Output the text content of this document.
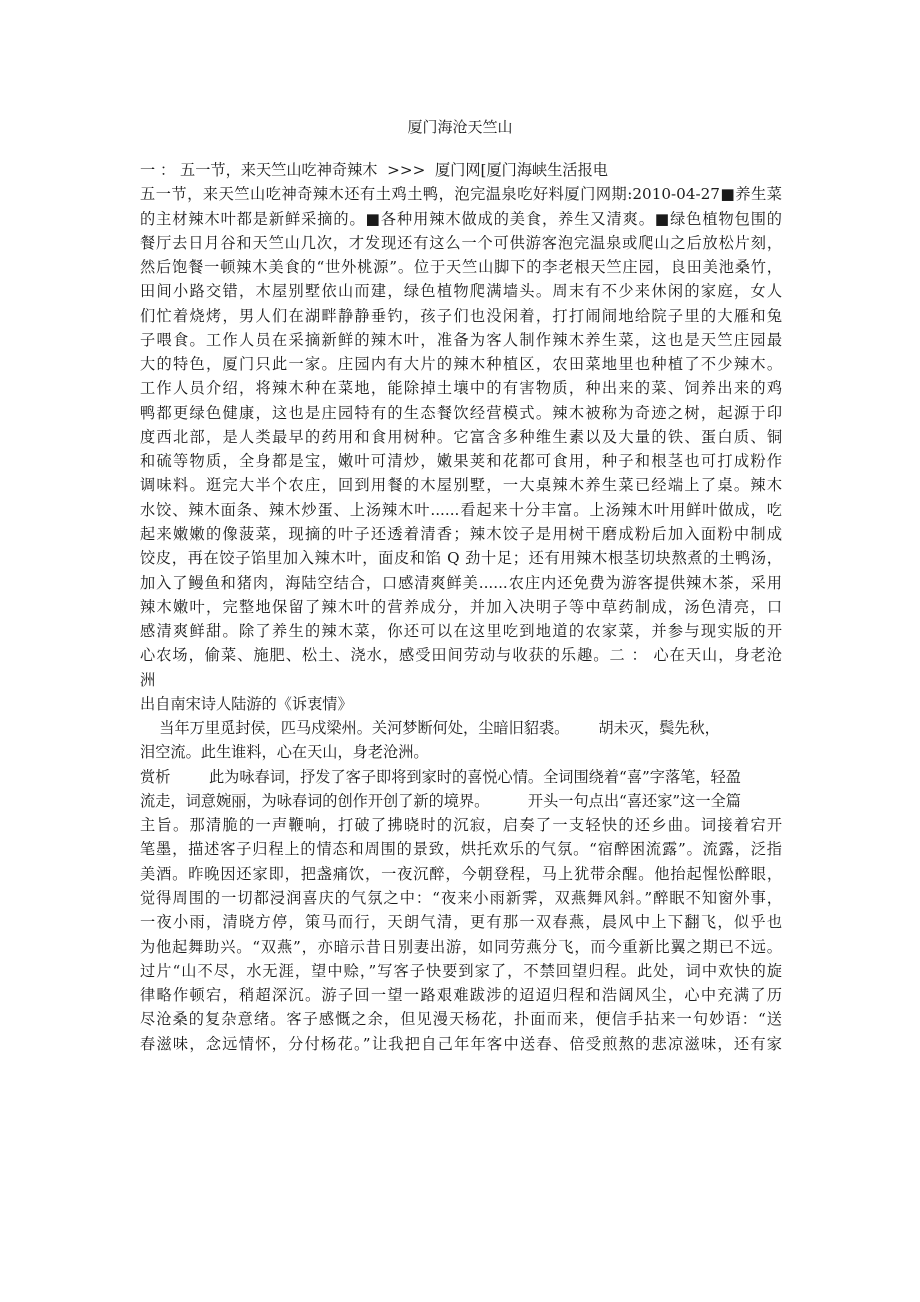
厦门海沧天竺山
一 ： 五一节，来天竺山吃神奇辣木  >>>  厦门网[厦门海峡生活报电
五一节，来天竺山吃神奇辣木还有土鸡土鸭，泡完温泉吃好料厦门网期:2010-04-27■养生菜
的主材辣木叶都是新鲜采摘的。■各种用辣木做成的美食，养生又清爽。■绿色植物包围的
餐厅去日月谷和天竺山几次，才发现还有这么一个可供游客泡完温泉或爬山之后放松片刻，
然后饱餐一顿辣木美食的“世外桃源”。位于天竺山脚下的李老根天竺庄园，良田美池桑竹，
田间小路交错，木屋别墅依山而建，绿色植物爬满墙头。周末有不少来休闲的家庭，女人
们忙着烧烤，男人们在湖畔静静垂钓，孩子们也没闲着，打打闹闹地给院子里的大雁和兔
子喂食。工作人员在采摘新鲜的辣木叶，准备为客人制作辣木养生菜，这也是天竺庄园最
大的特色，厦门只此一家。庄园内有大片的辣木种植区，农田菜地里也种植了不少辣木。
工作人员介绍，将辣木种在菜地，能除掉土壤中的有害物质，种出来的菜、饲养出来的鸡
鸭都更绿色健康，这也是庄园特有的生态餐饮经营模式。辣木被称为奇迹之树，起源于印
度西北部，是人类最早的药用和食用树种。它富含多种维生素以及大量的铁、蛋白质、铜
和硫等物质，全身都是宝，嫩叶可清炒，嫩果荚和花都可食用，种子和根茎也可打成粉作
调味料。逛完大半个农庄，回到用餐的木屋别墅，一大桌辣木养生菜已经端上了桌。辣木
水饺、辣木面条、辣木炒蛋、上汤辣木叶......看起来十分丰富。上汤辣木叶用鲜叶做成，吃
起来嫩嫩的像菠菜，现摘的叶子还透着清香；辣木饺子是用树干磨成粉后加入面粉中制成
饺皮，再在饺子馅里加入辣木叶，面皮和馅 Q 劲十足；还有用辣木根茎切块熬煮的土鸭汤，
加入了鳗鱼和猪肉，海陆空结合，口感清爽鲜美......农庄内还免费为游客提供辣木茶，采用
辣木嫩叶，完整地保留了辣木叶的营养成分，并加入决明子等中草药制成，汤色清亮，口
感清爽鲜甜。除了养生的辣木菜，你还可以在这里吃到地道的农家菜，并参与现实版的开
心农场，偷菜、施肥、松土、浇水，感受田间劳动与收获的乐趣。二 ： 心在天山，身老沧
洲
出自南宋诗人陆游的《诉衷情》
当年万里觅封侯，匹马戍梁州。关河梦断何处，尘暗旧貂裘。      胡未灭，鬓先秋，
泪空流。此生谁料，心在天山，身老沧洲。
赏析        此为咏春词，抒发了客子即将到家时的喜悦心情。全词围绕着“喜”字落笔，轻盈
流走，词意婉丽，为咏春词的创作开创了新的境界。        开头一句点出“喜还家”这一全篇
主旨。那清脆的一声鞭响，打破了拂晓时的沉寂，启奏了一支轻快的还乡曲。词接着宕开
笔墨，描述客子归程上的情态和周围的景致，烘托欢乐的气氛。“宿醉困流露”。流露，泛指
美酒。昨晚因还家即，把盏痛饮，一夜沉醉，今朝登程，马上犹带余醒。他抬起惺忪醉眼，
觉得周围的一切都浸润喜庆的气氛之中：“夜来小雨新霁，双燕舞风斜。”醉眠不知窗外事，
一夜小雨，清晓方停，策马而行，天朗气清，更有那一双春燕，晨风中上下翻飞，似乎也
为他起舞助兴。“双燕”，亦暗示昔日别妻出游，如同劳燕分飞，而今重新比翼之期已不远。
过片“山不尽，水无涯，望中赊，”写客子快要到家了，不禁回望归程。此处，词中欢快的旋
律略作顿宕，稍超深沉。游子回一望一路艰难跋涉的迢迢归程和浩阔风尘，心中充满了历
尽沧桑的复杂意绪。客子感慨之余，但见漫天杨花，扑面而来，便信手拈来一句妙语：“送
春滋味，念远情怀，分付杨花。”让我把自己年年客中送春、倍受煎熬的悲凉滋味，还有家
